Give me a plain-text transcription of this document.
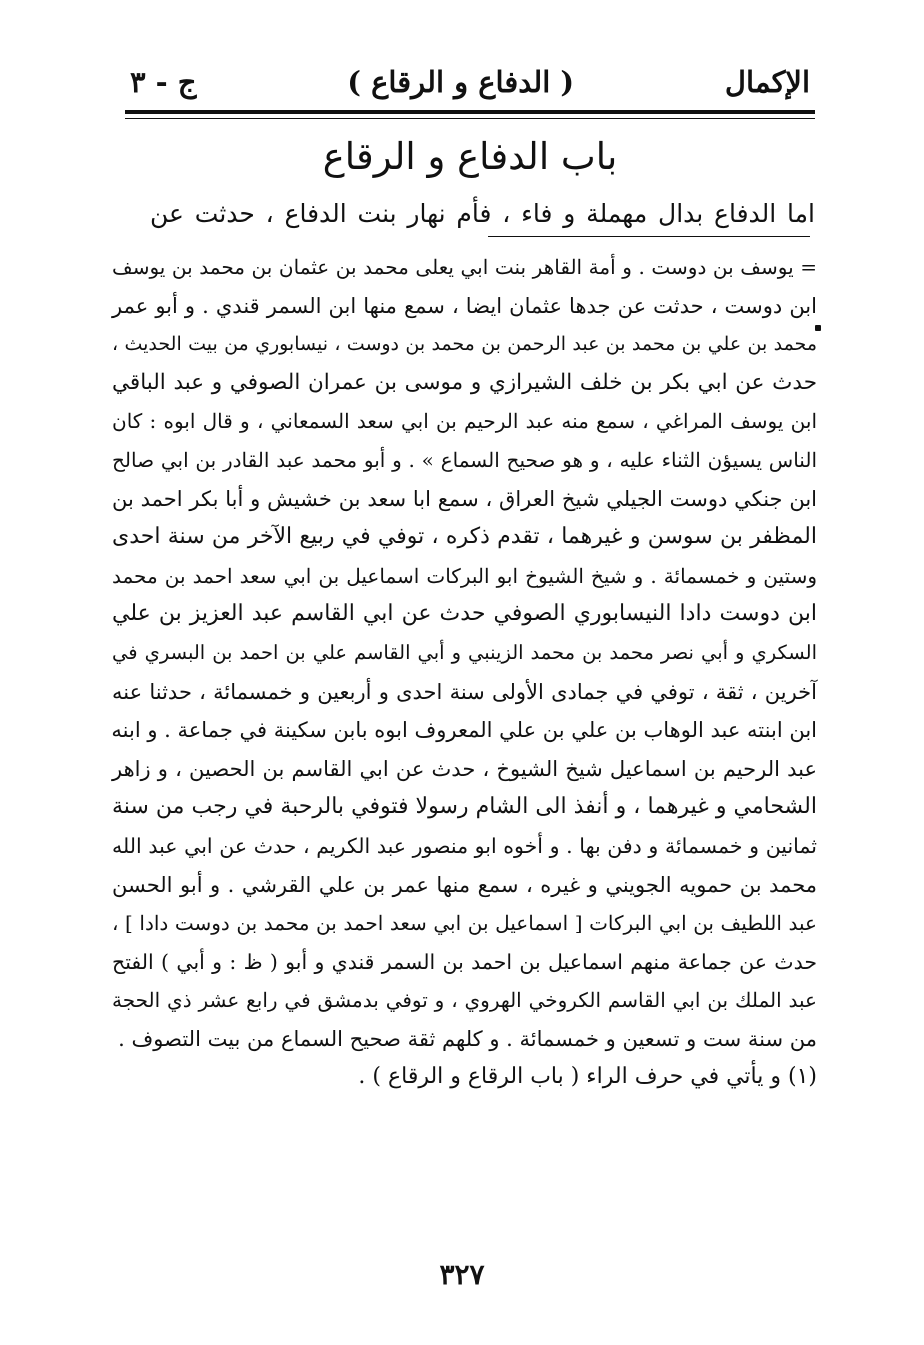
الإكمال
( الدفاع و الرقاع )
ج - ٣
باب الدفاع و الرقاع
اما الدفاع بدال مهملة و فاء ، فأم نهار بنت الدفاع ، حدثت عن
= يوسف بن دوست . و أمة القاهر بنت ابي يعلى محمد بن عثمان بن محمد بن يوسف
ابن دوست ، حدثت عن جدها عثمان ايضا ، سمع منها ابن السمر قندي . و أبو عمر
محمد بن علي بن محمد بن عبد الرحمن بن محمد بن دوست ، نيسابوري من بيت الحديث ،
حدث عن ابي بكر بن خلف الشيرازي و موسى بن عمران الصوفي و عبد الباقي
ابن يوسف المراغي ، سمع منه عبد الرحيم بن ابي سعد السمعاني ، و قال ابوه : كان
الناس يسيؤن الثناء عليه ، و هو صحيح السماع » . و أبو محمد عبد القادر بن ابي صالح
ابن جنكي دوست الجيلي شيخ العراق ، سمع ابا سعد بن خشيش و أبا بكر احمد بن
المظفر بن سوسن و غيرهما ، تقدم ذكره ، توفي في ربيع الآخر من سنة احدى
وستين و خمسمائة . و شيخ الشيوخ ابو البركات اسماعيل بن ابي سعد احمد بن محمد
ابن دوست دادا النيسابوري الصوفي حدث عن ابي القاسم عبد العزيز بن علي
السكري و أبي نصر محمد بن محمد الزينبي و أبي القاسم علي بن احمد بن البسري في
آخرين ، ثقة ، توفي في جمادى الأولى سنة احدى و أربعين و خمسمائة ، حدثنا عنه
ابن ابنته عبد الوهاب بن علي بن علي المعروف ابوه بابن سكينة في جماعة . و ابنه
عبد الرحيم بن اسماعيل شيخ الشيوخ ، حدث عن ابي القاسم بن الحصين ، و زاهر
الشحامي و غيرهما ، و أنفذ الى الشام رسولا فتوفي بالرحبة في رجب من سنة
ثمانين و خمسمائة و دفن بها . و أخوه ابو منصور عبد الكريم ، حدث عن ابي عبد الله
محمد بن حمويه الجويني و غيره ، سمع منها عمر بن علي القرشي . و أبو الحسن
عبد اللطيف بن ابي البركات [ اسماعيل بن ابي سعد احمد بن محمد بن دوست دادا ] ،
حدث عن جماعة منهم اسماعيل بن احمد بن السمر قندي و أبو ( ظ : و أبي ) الفتح
عبد الملك بن ابي القاسم الكروخي الهروي ، و توفي بدمشق في رابع عشر ذي الحجة
من سنة ست و تسعين و خمسمائة . و كلهم ثقة صحيح السماع من بيت التصوف .
(١) و يأتي في حرف الراء ( باب الرقاع و الرقاع ) .
٣٢٧
